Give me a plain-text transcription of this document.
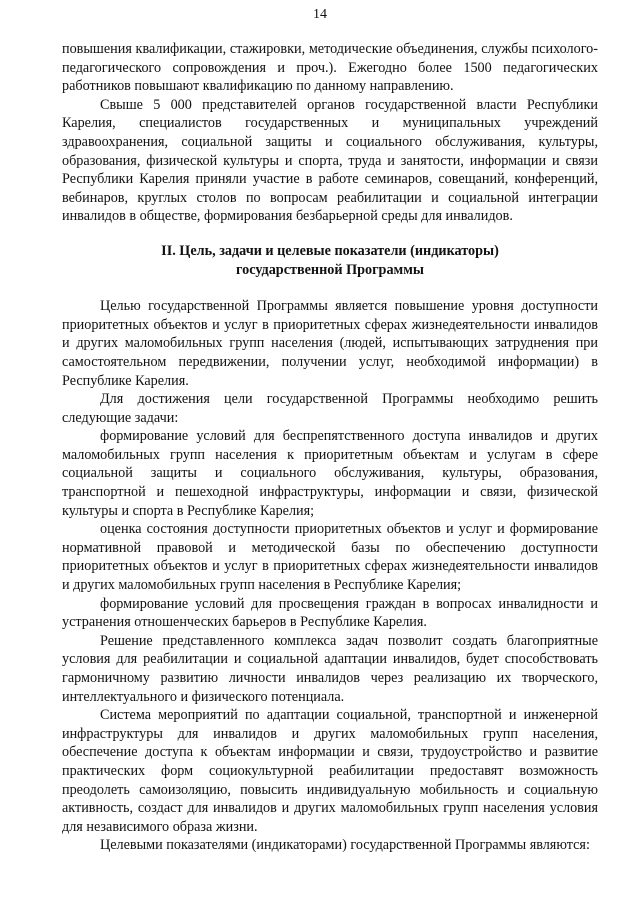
14

повышения квалификации, стажировки, методические объединения, службы психолого-педагогического сопровождения и проч.). Ежегодно более 1500 педагогических работников повышают квалификацию по данному направлению.

Свыше 5 000 представителей органов государственной власти Республики Карелия, специалистов государственных и муниципальных учреждений здравоохранения, социальной защиты и социального обслуживания, культуры, образования, физической культуры и спорта, труда и занятости, информации и связи Республики Карелия приняли участие в работе семинаров, совещаний, конференций, вебинаров, круглых столов по вопросам реабилитации и социальной интеграции инвалидов в обществе, формирования безбарьерной среды для инвалидов.

II. Цель, задачи и целевые показатели (индикаторы)
государственной Программы

Целью государственной Программы является повышение уровня доступности приоритетных объектов и услуг в приоритетных сферах жизнедеятельности инвалидов и других маломобильных групп населения (людей, испытывающих затруднения при самостоятельном передвижении, получении услуг, необходимой информации) в Республике Карелия.

Для достижения цели государственной Программы необходимо решить следующие задачи:

формирование условий для беспрепятственного доступа инвалидов и других маломобильных групп населения к приоритетным объектам и услугам в сфере социальной защиты и социального обслуживания, культуры, образования, транспортной и пешеходной инфраструктуры, информации и связи, физической культуры и спорта в Республике Карелия;

оценка состояния доступности приоритетных объектов и услуг и формирование нормативной правовой и методической базы по обеспечению доступности приоритетных объектов и услуг в приоритетных сферах жизнедеятельности инвалидов и других маломобильных групп населения в Республике Карелия;

формирование условий для просвещения граждан в вопросах инвалидности и устранения отношенческих барьеров в Республике Карелия.

Решение представленного комплекса задач позволит создать благоприятные условия для реабилитации и социальной адаптации инвалидов, будет способствовать гармоничному развитию личности инвалидов через реализацию их творческого, интеллектуального и физического потенциала.

Система мероприятий по адаптации социальной, транспортной и инженерной инфраструктуры для инвалидов и других маломобильных групп населения, обеспечение доступа к объектам информации и связи, трудоустройство и развитие практических форм социокультурной реабилитации предоставят возможность преодолеть самоизоляцию, повысить индивидуальную мобильность и социальную активность, создаст для инвалидов и других маломобильных групп населения условия для независимого образа жизни.

Целевыми показателями (индикаторами) государственной Программы являются:
